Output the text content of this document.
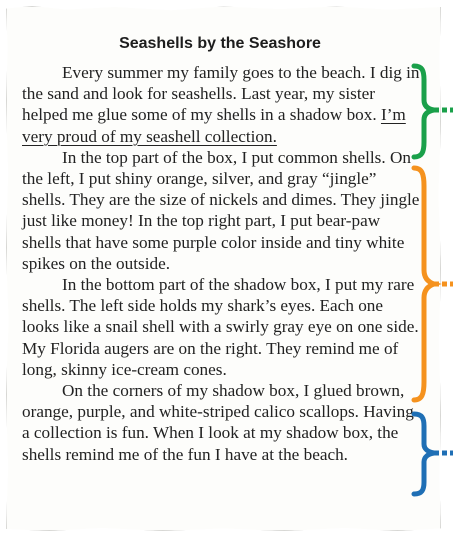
Seashells by the Seashore

Every summer my family goes to the beach. I dig in the sand and look for seashells. Last year, my sister helped me glue some of my shells in a shadow box. I’m very proud of my seashell collection.

In the top part of the box, I put common shells. On the left, I put shiny orange, silver, and gray “jingle” shells. They are the size of nickels and dimes. They jingle just like money! In the top right part, I put bear-paw shells that have some purple color inside and tiny white spikes on the outside.

In the bottom part of the shadow box, I put my rare shells. The left side holds my shark’s eyes. Each one looks like a snail shell with a swirly gray eye on one side. My Florida augers are on the right. They remind me of long, skinny ice-cream cones.

On the corners of my shadow box, I glued brown, orange, purple, and white-striped calico scallops. Having a collection is fun. When I look at my shadow box, the shells remind me of the fun I have at the beach.
